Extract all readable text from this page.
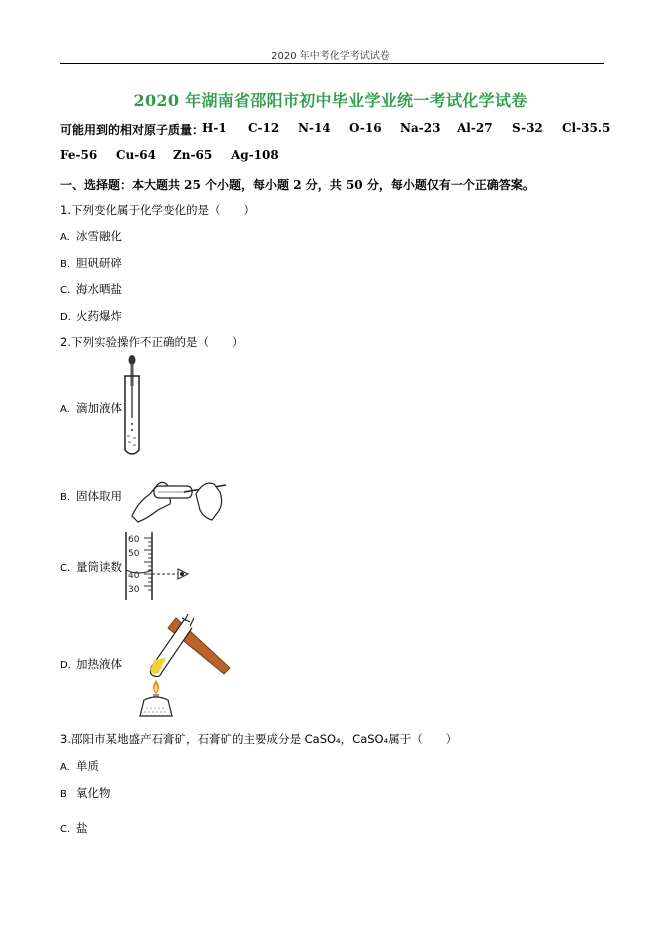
2020 年中考化学考试试卷
2020 年湖南省邵阳市初中毕业学业统一考试化学试卷
可能用到的相对原子质量：
H-1 C-12 N-14 O-16 Na-23 Al-27 S-32 Cl-35.5
Fe-56 Cu-64 Zn-65 Ag-108
一、选择题：本大题共 25 个小题，每小题 2 分，共 50 分，每小题仅有一个正确答案。
1.下列变化属于化学变化的是（　　）
A. 冰雪融化
B. 胆矾研碎
C. 海水晒盐
D. 火药爆炸
2.下列实验操作不正确的是（　　）
A. 滴加液体
B. 固体取用
C. 量筒读数
60
50
40
30
D. 加热液体
3.邵阳市某地盛产石膏矿，石膏矿的主要成分是 CaSO₄，CaSO₄属于（　　）
A. 单质
B 氧化物
C. 盐
